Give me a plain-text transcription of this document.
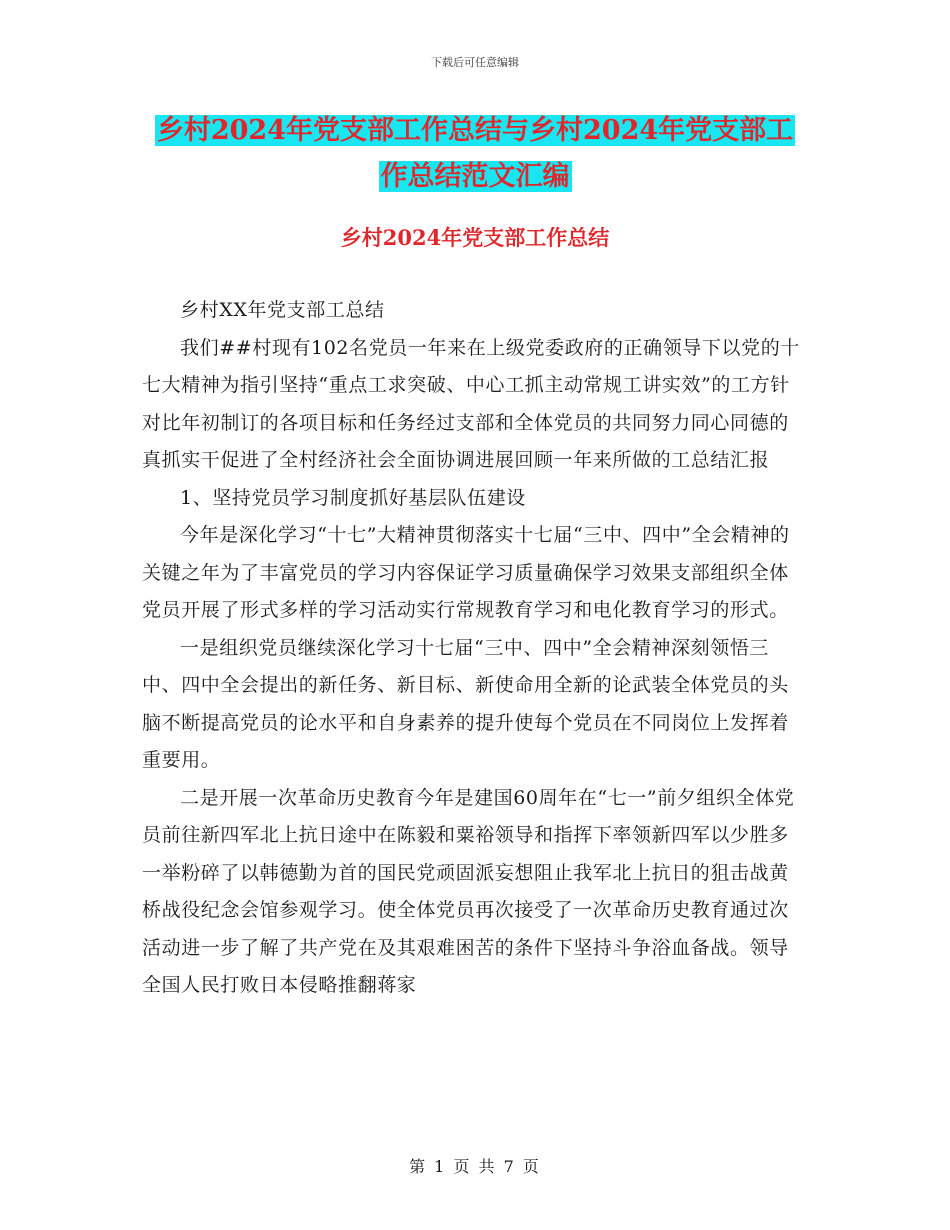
下载后可任意编辑
乡村2024年党支部工作总结与乡村2024年党支部工
作总结范文汇编
乡村2024年党支部工作总结

乡村XX年党支部工总结

我们##村现有102名党员一年来在上级党委政府的正确领导下以党的十七大精神为指引坚持“重点工求突破、中心工抓主动常规工讲实效”的工方针对比年初制订的各项目标和任务经过支部和全体党员的共同努力同心同德的真抓实干促进了全村经济社会全面协调进展回顾一年来所做的工总结汇报

1、坚持党员学习制度抓好基层队伍建设

今年是深化学习“十七”大精神贯彻落实十七届“三中、四中”全会精神的关键之年为了丰富党员的学习内容保证学习质量确保学习效果支部组织全体党员开展了形式多样的学习活动实行常规教育学习和电化教育学习的形式。

一是组织党员继续深化学习十七届“三中、四中”全会精神深刻领悟三中、四中全会提出的新任务、新目标、新使命用全新的论武装全体党员的头脑不断提高党员的论水平和自身素养的提升使每个党员在不同岗位上发挥着重要用。

二是开展一次革命历史教育今年是建国60周年在“七一”前夕组织全体党员前往新四军北上抗日途中在陈毅和粟裕领导和指挥下率领新四军以少胜多一举粉碎了以韩德勤为首的国民党顽固派妄想阻止我军北上抗日的狙击战黄桥战役纪念会馆参观学习。使全体党员再次接受了一次革命历史教育通过次活动进一步了解了共产党在及其艰难困苦的条件下坚持斗争浴血备战。领导全国人民打败日本侵略推翻蒋家

第 1 页 共 7 页
